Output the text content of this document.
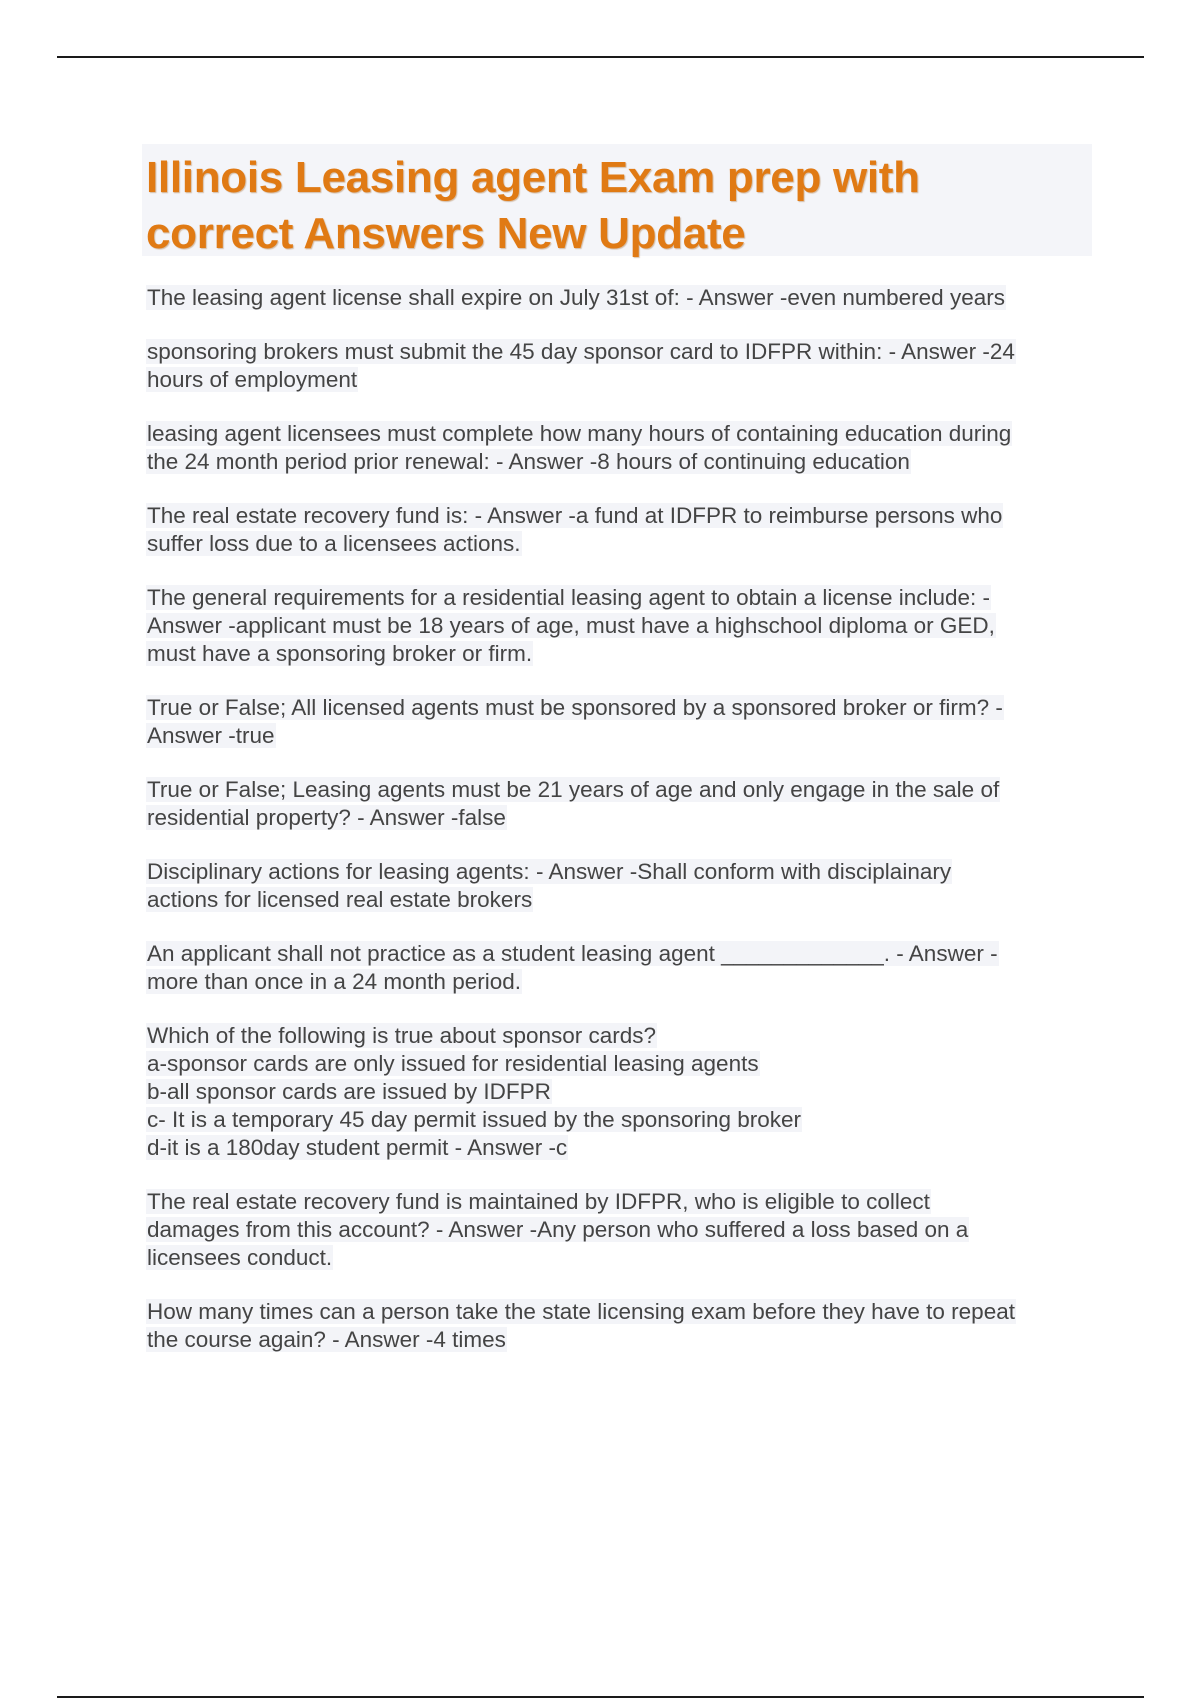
Illinois Leasing agent Exam prep with
correct Answers New Update

The leasing agent license shall expire on July 31st of: - Answer -even numbered years

sponsoring brokers must submit the 45 day sponsor card to IDFPR within: - Answer -24
hours of employment

leasing agent licensees must complete how many hours of containing education during
the 24 month period prior renewal: - Answer -8 hours of continuing education

The real estate recovery fund is: - Answer -a fund at IDFPR to reimburse persons who
suffer loss due to a licensees actions.

The general requirements for a residential leasing agent to obtain a license include: -
Answer -applicant must be 18 years of age, must have a highschool diploma or GED,
must have a sponsoring broker or firm.

True or False; All licensed agents must be sponsored by a sponsored broker or firm? -
Answer -true

True or False; Leasing agents must be 21 years of age and only engage in the sale of
residential property? - Answer -false

Disciplinary actions for leasing agents: - Answer -Shall conform with disciplainary
actions for licensed real estate brokers

An applicant shall not practice as a student leasing agent _____________. - Answer -
more than once in a 24 month period.

Which of the following is true about sponsor cards?
a-sponsor cards are only issued for residential leasing agents
b-all sponsor cards are issued by IDFPR
c- It is a temporary 45 day permit issued by the sponsoring broker
d-it is a 180day student permit - Answer -c

The real estate recovery fund is maintained by IDFPR, who is eligible to collect
damages from this account? - Answer -Any person who suffered a loss based on a
licensees conduct.

How many times can a person take the state licensing exam before they have to repeat
the course again? - Answer -4 times
